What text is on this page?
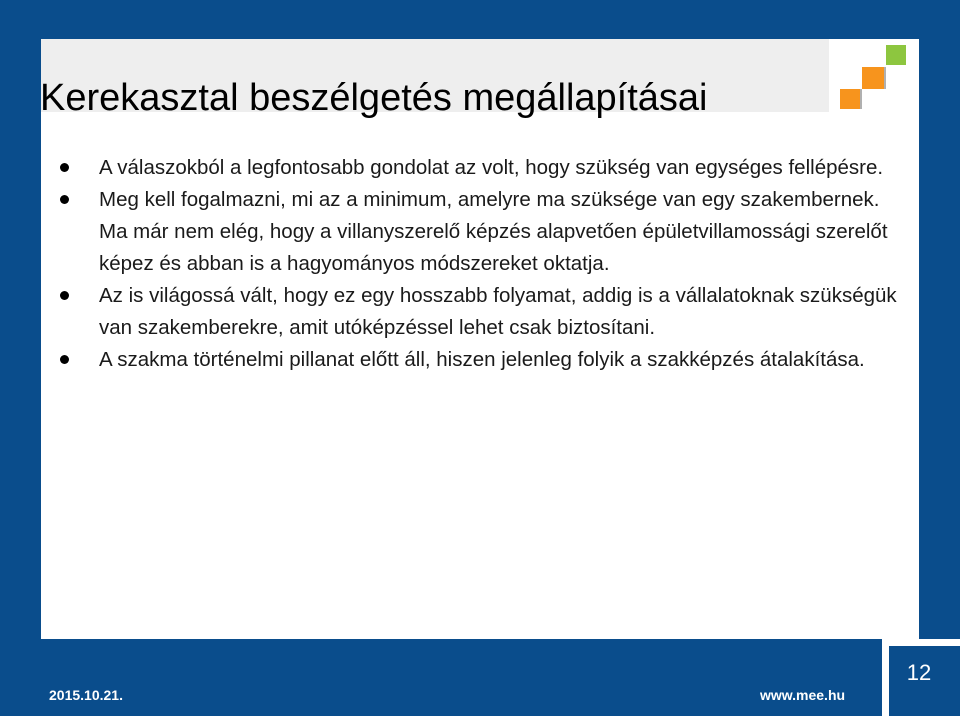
Kerekasztal beszélgetés megállapításai
A válaszokból a legfontosabb gondolat az volt, hogy szükség van egységes fellépésre.
Meg kell fogalmazni, mi az a minimum, amelyre ma szüksége van egy szakembernek. Ma már nem elég, hogy a villanyszerelő képzés alapvetően épületvillamossági szerelőt képez és abban is a hagyományos módszereket oktatja.
Az is világossá vált, hogy ez egy hosszabb folyamat, addig is a vállalatoknak szükségük van szakemberekre, amit utóképzéssel lehet csak biztosítani.
A szakma történelmi pillanat előtt áll, hiszen jelenleg folyik a szakképzés átalakítása.
12
2015.10.21.	www.mee.hu
